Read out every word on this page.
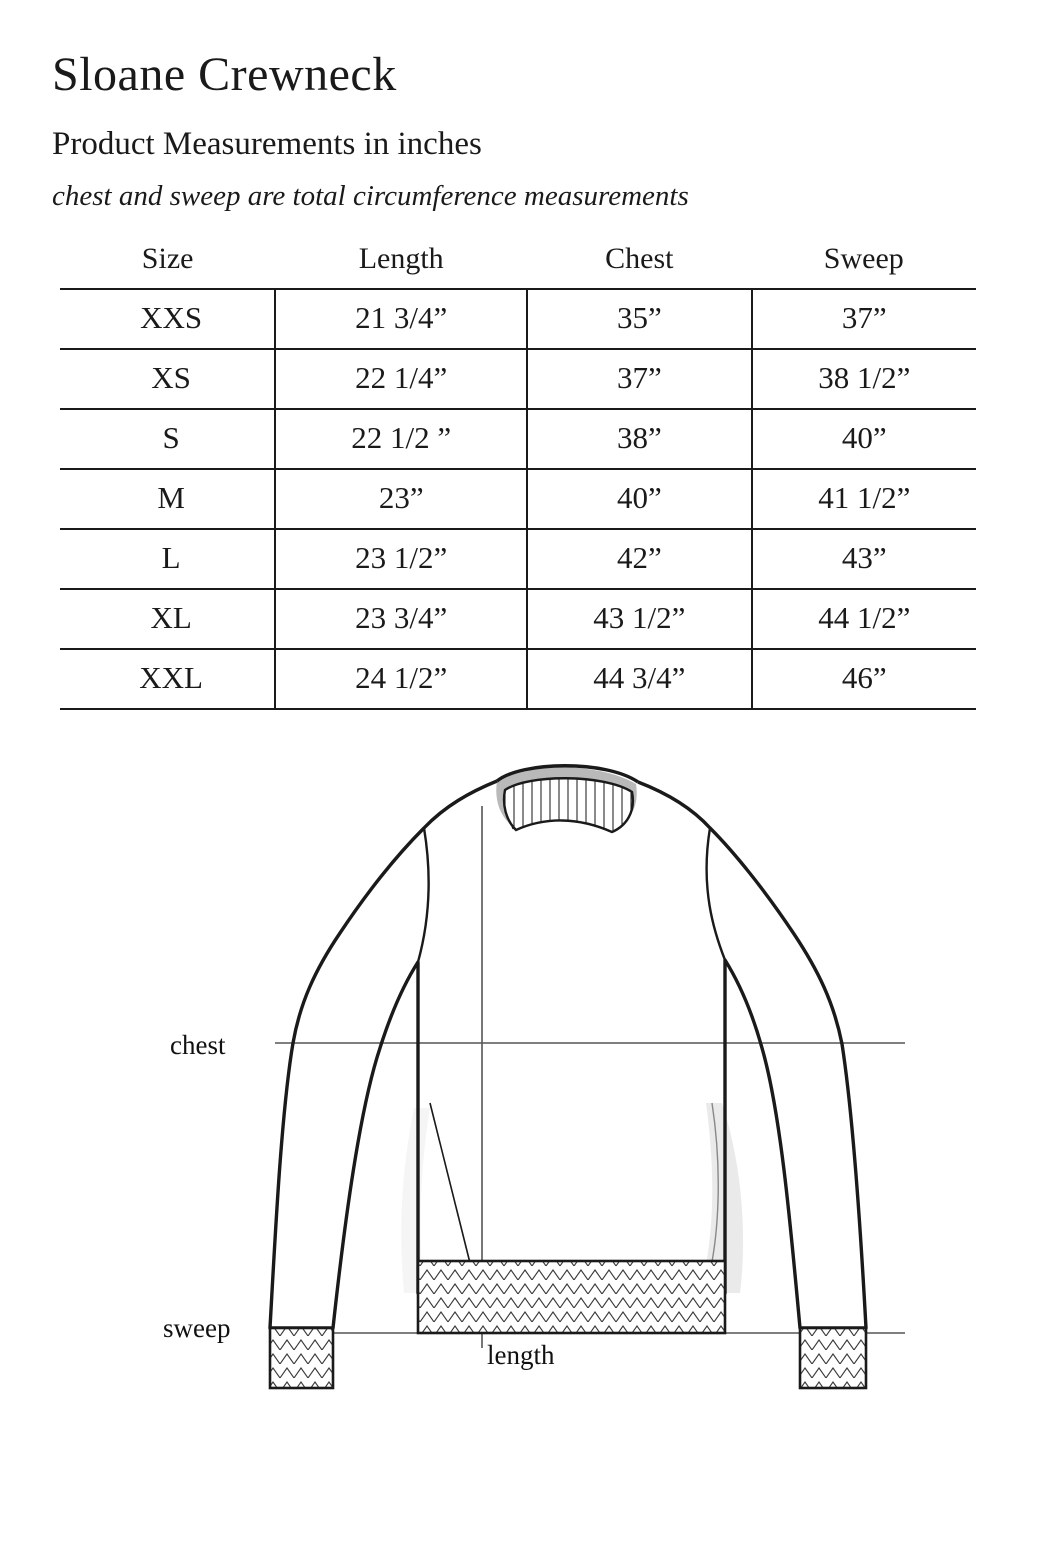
Sloane Crewneck
Product Measurements in inches
chest and sweep are total circumference measurements
Size	Length	Chest	Sweep
XXS	21 3/4”	35”	37”
XS	22 1/4”	37”	38 1/2”
S	22 1/2 ”	38”	40”
M	23”	40”	41 1/2”
L	23 1/2”	42”	43”
XL	23 3/4”	43 1/2”	44 1/2”
XXL	24 1/2”	44 3/4”	46”
chest
sweep
length
